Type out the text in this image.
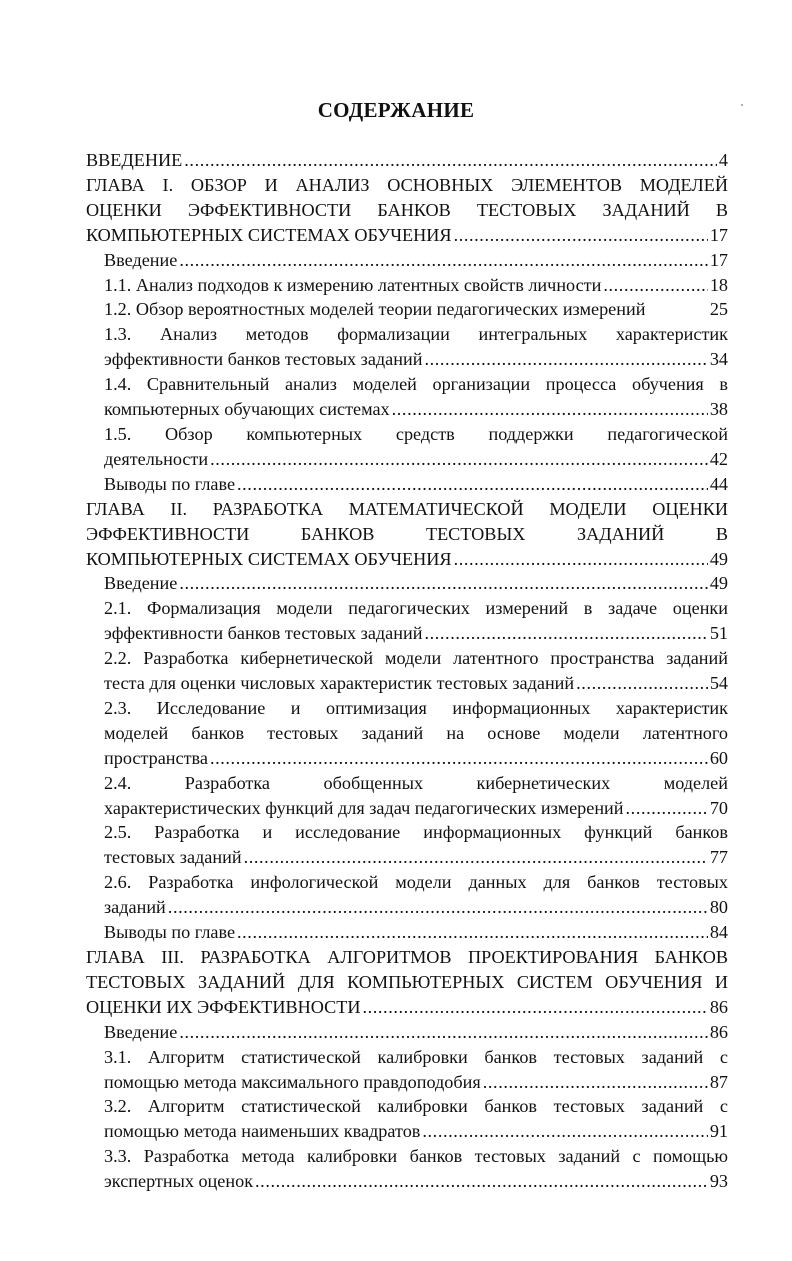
СОДЕРЖАНИЕ
ВВЕДЕНИЕ .....	4
ГЛАВА I. ОБЗОР И АНАЛИЗ ОСНОВНЫХ ЭЛЕМЕНТОВ МОДЕЛЕЙ
ОЦЕНКИ ЭФФЕКТИВНОСТИ БАНКОВ ТЕСТОВЫХ ЗАДАНИЙ В
КОМПЬЮТЕРНЫХ СИСТЕМАХ ОБУЧЕНИЯ .....	17
Введение .....	17
1.1. Анализ подходов к измерению латентных свойств личности .....	18
1.2. Обзор вероятностных моделей теории педагогических измерений	25
1.3. Анализ методов формализации интегральных характеристик
эффективности банков тестовых заданий .....	34
1.4. Сравнительный анализ моделей организации процесса обучения в
компьютерных обучающих системах .....	38
1.5. Обзор компьютерных средств поддержки педагогической
деятельности .....	42
Выводы по главе .....	44
ГЛАВА II. РАЗРАБОТКА МАТЕМАТИЧЕСКОЙ МОДЕЛИ ОЦЕНКИ
ЭФФЕКТИВНОСТИ БАНКОВ ТЕСТОВЫХ ЗАДАНИЙ В
КОМПЬЮТЕРНЫХ СИСТЕМАХ ОБУЧЕНИЯ .....	49
Введение .....	49
2.1. Формализация модели педагогических измерений в задаче оценки
эффективности банков тестовых заданий .....	51
2.2. Разработка кибернетической модели латентного пространства заданий
теста для оценки числовых характеристик тестовых заданий .....	54
2.3. Исследование и оптимизация информационных характеристик
моделей банков тестовых заданий на основе модели латентного
пространства .....	60
2.4. Разработка обобщенных кибернетических моделей
характеристических функций для задач педагогических измерений .....	70
2.5. Разработка и исследование информационных функций банков
тестовых заданий .....	77
2.6. Разработка инфологической модели данных для банков тестовых
заданий .....	80
Выводы по главе .....	84
ГЛАВА III. РАЗРАБОТКА АЛГОРИТМОВ ПРОЕКТИРОВАНИЯ БАНКОВ
ТЕСТОВЫХ ЗАДАНИЙ ДЛЯ КОМПЬЮТЕРНЫХ СИСТЕМ ОБУЧЕНИЯ И
ОЦЕНКИ ИХ ЭФФЕКТИВНОСТИ .....	86
Введение .....	86
3.1. Алгоритм статистической калибровки банков тестовых заданий с
помощью метода максимального правдоподобия .....	87
3.2. Алгоритм статистической калибровки банков тестовых заданий с
помощью метода наименьших квадратов .....	91
3.3. Разработка метода калибровки банков тестовых заданий с помощью
экспертных оценок .....	93
